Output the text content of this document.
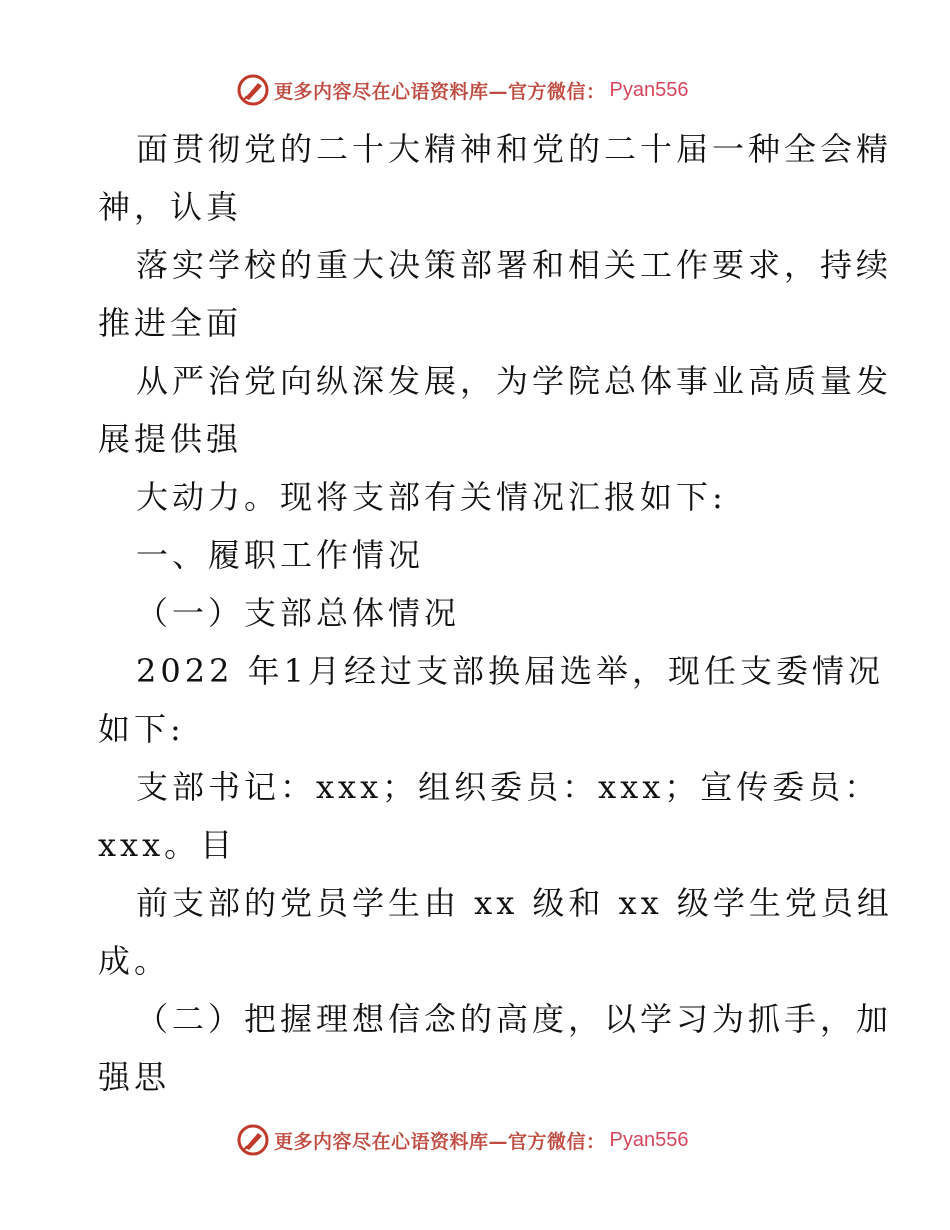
更多内容尽在心语资料库—官方微信： Pyan556

面贯彻党的二十大精神和党的二十届一种全会精

神，认真

落实学校的重大决策部署和相关工作要求，持续

推进全面

从严治党向纵深发展，为学院总体事业高质量发

展提供强

大动力。现将支部有关情况汇报如下:

一、履职工作情况

（一）支部总体情况

2022 年1月经过支部换届选举，现任支委情况

如下:

支部书记：xxx；组织委员：xxx；宣传委员：

xxx。目

前支部的党员学生由 xx 级和 xx 级学生党员组

成。

（二）把握理想信念的高度，以学习为抓手，加

强思

更多内容尽在心语资料库—官方微信： Pyan556
